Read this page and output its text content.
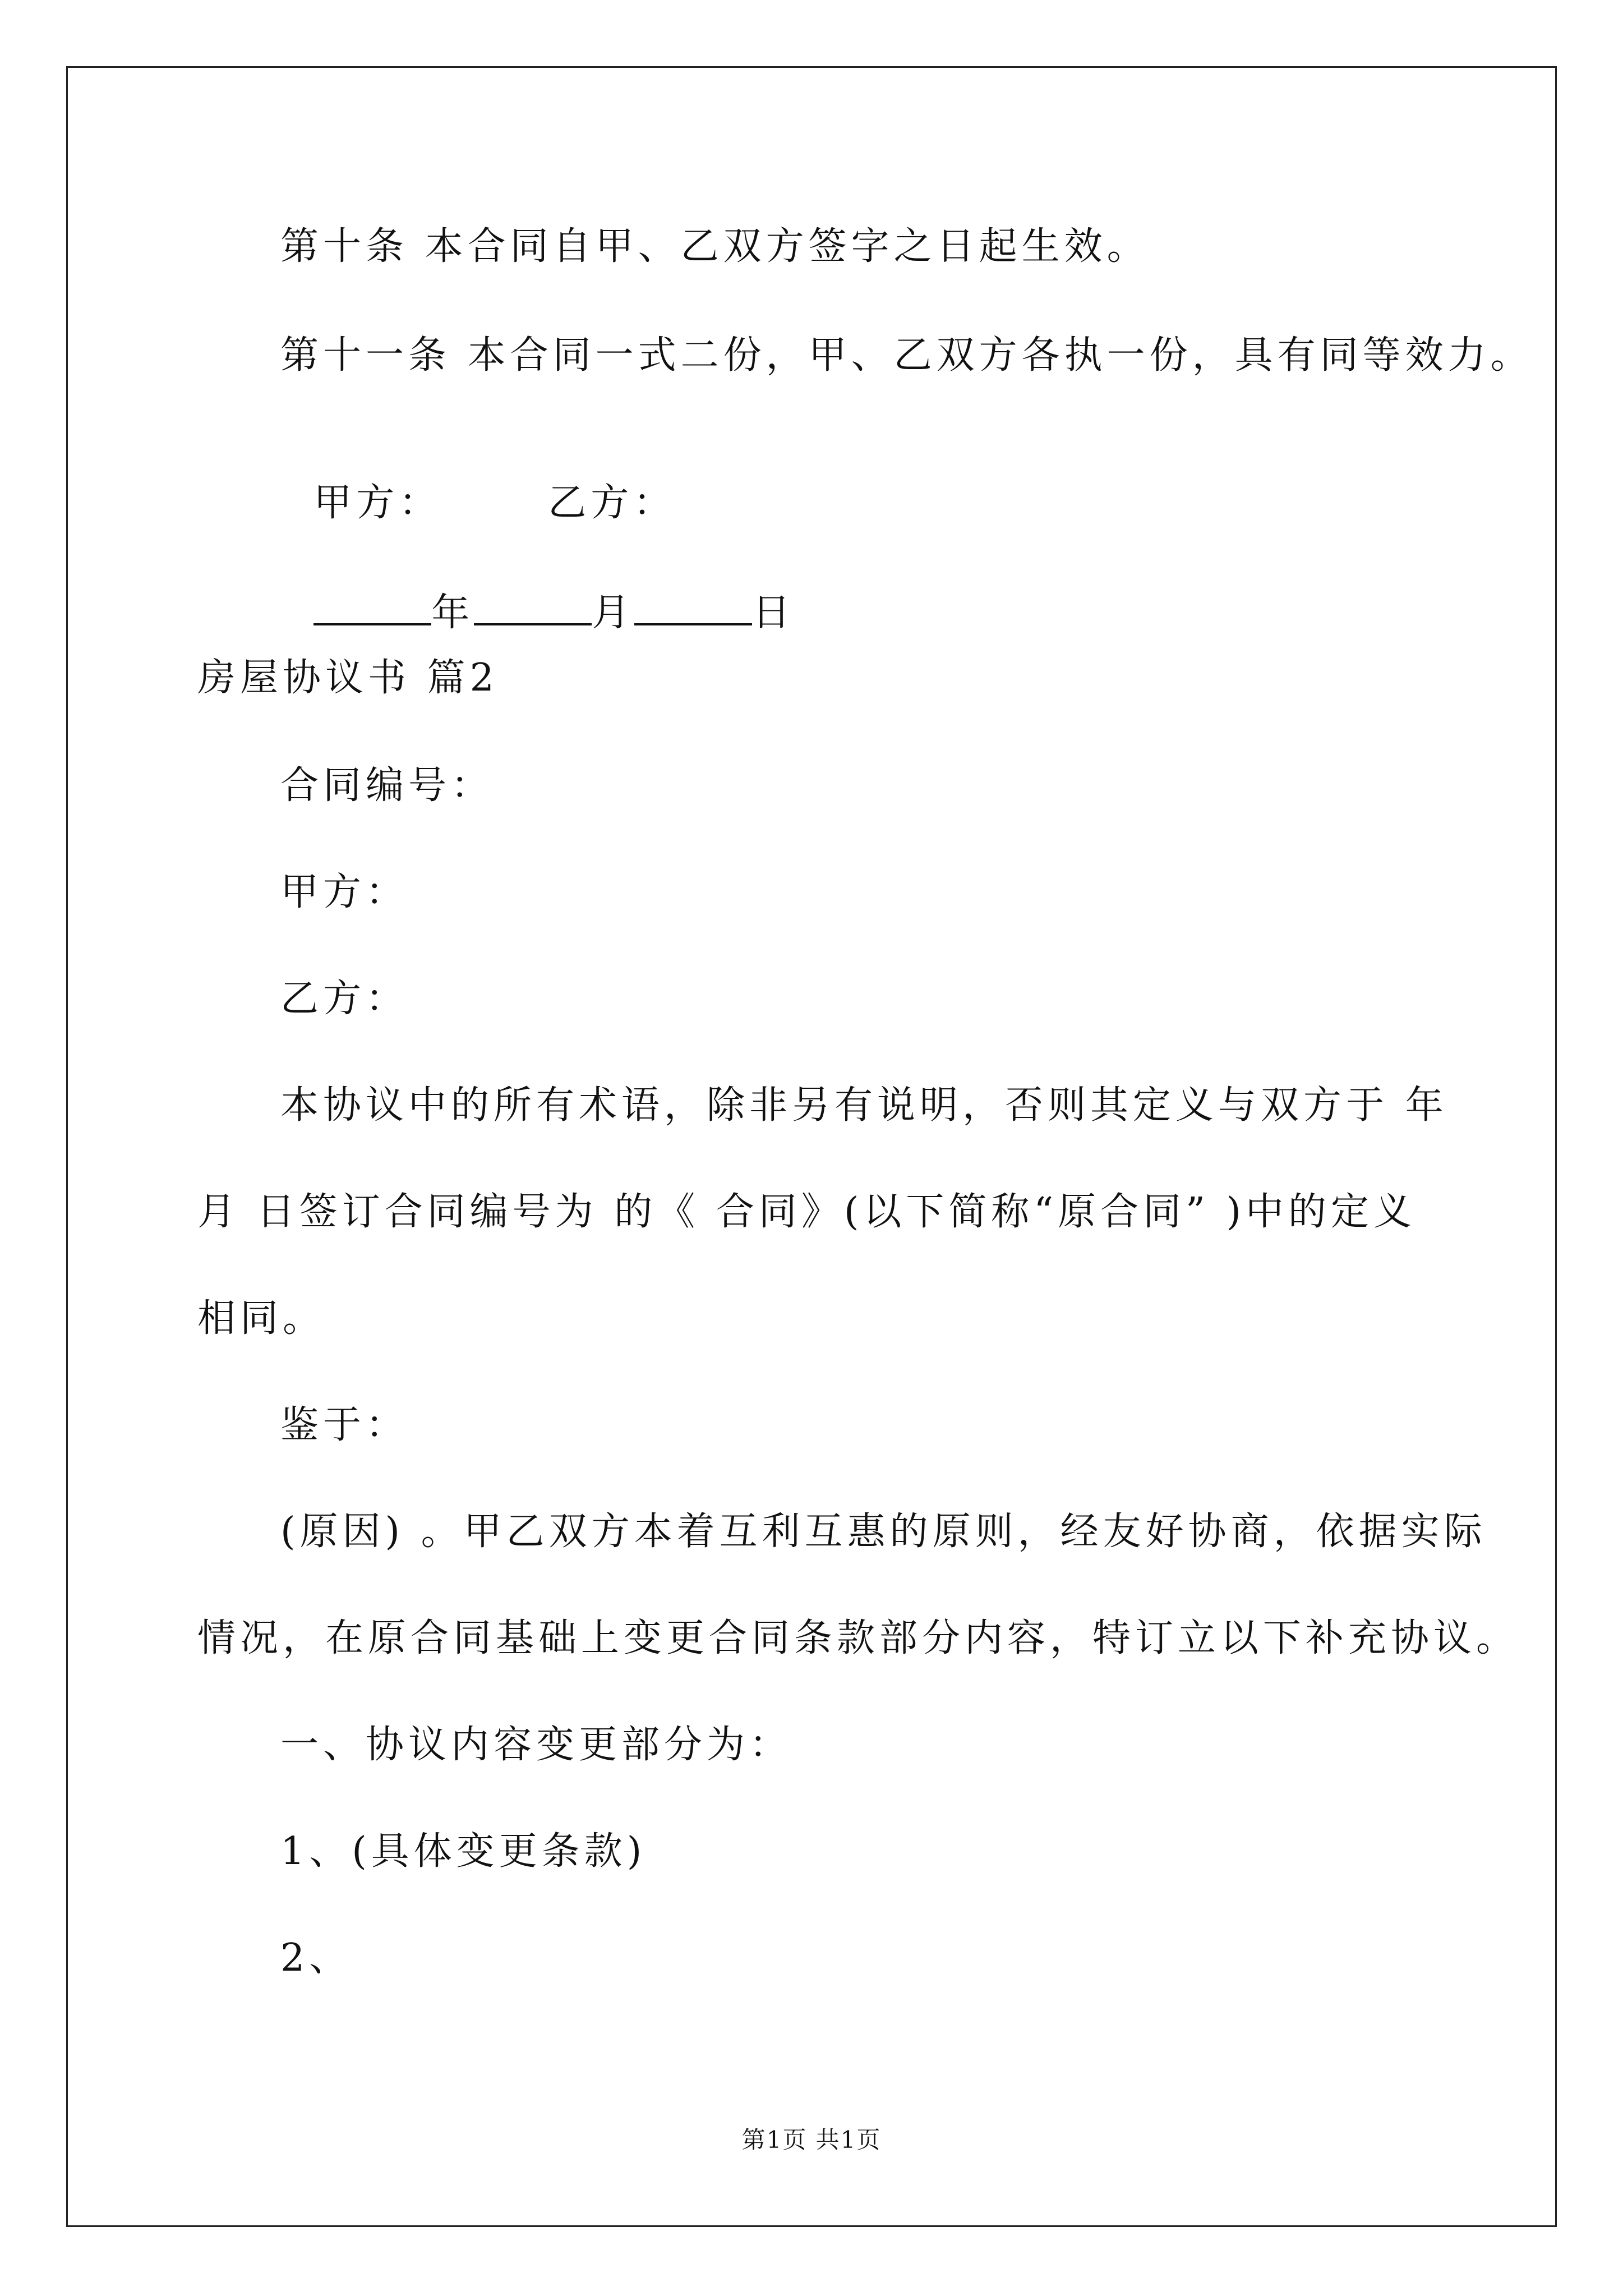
第十条 本合同自甲、乙双方签字之日起生效。
第十一条 本合同一式二份，甲、乙双方各执一份，具有同等效力。

甲方：	乙方：

年	月	日

房屋协议书 篇2
合同编号：
甲方：
乙方：
本协议中的所有术语，除非另有说明，否则其定义与双方于 年
月 日签订合同编号为 的《 合同》(以下简称“原合同” )中的定义
相同。
鉴于：
(原因) 。甲乙双方本着互利互惠的原则，经友好协商，依据实际
情况，在原合同基础上变更合同条款部分内容，特订立以下补充协议。
一、协议内容变更部分为：
1、(具体变更条款)
2、
第1页 共1页
